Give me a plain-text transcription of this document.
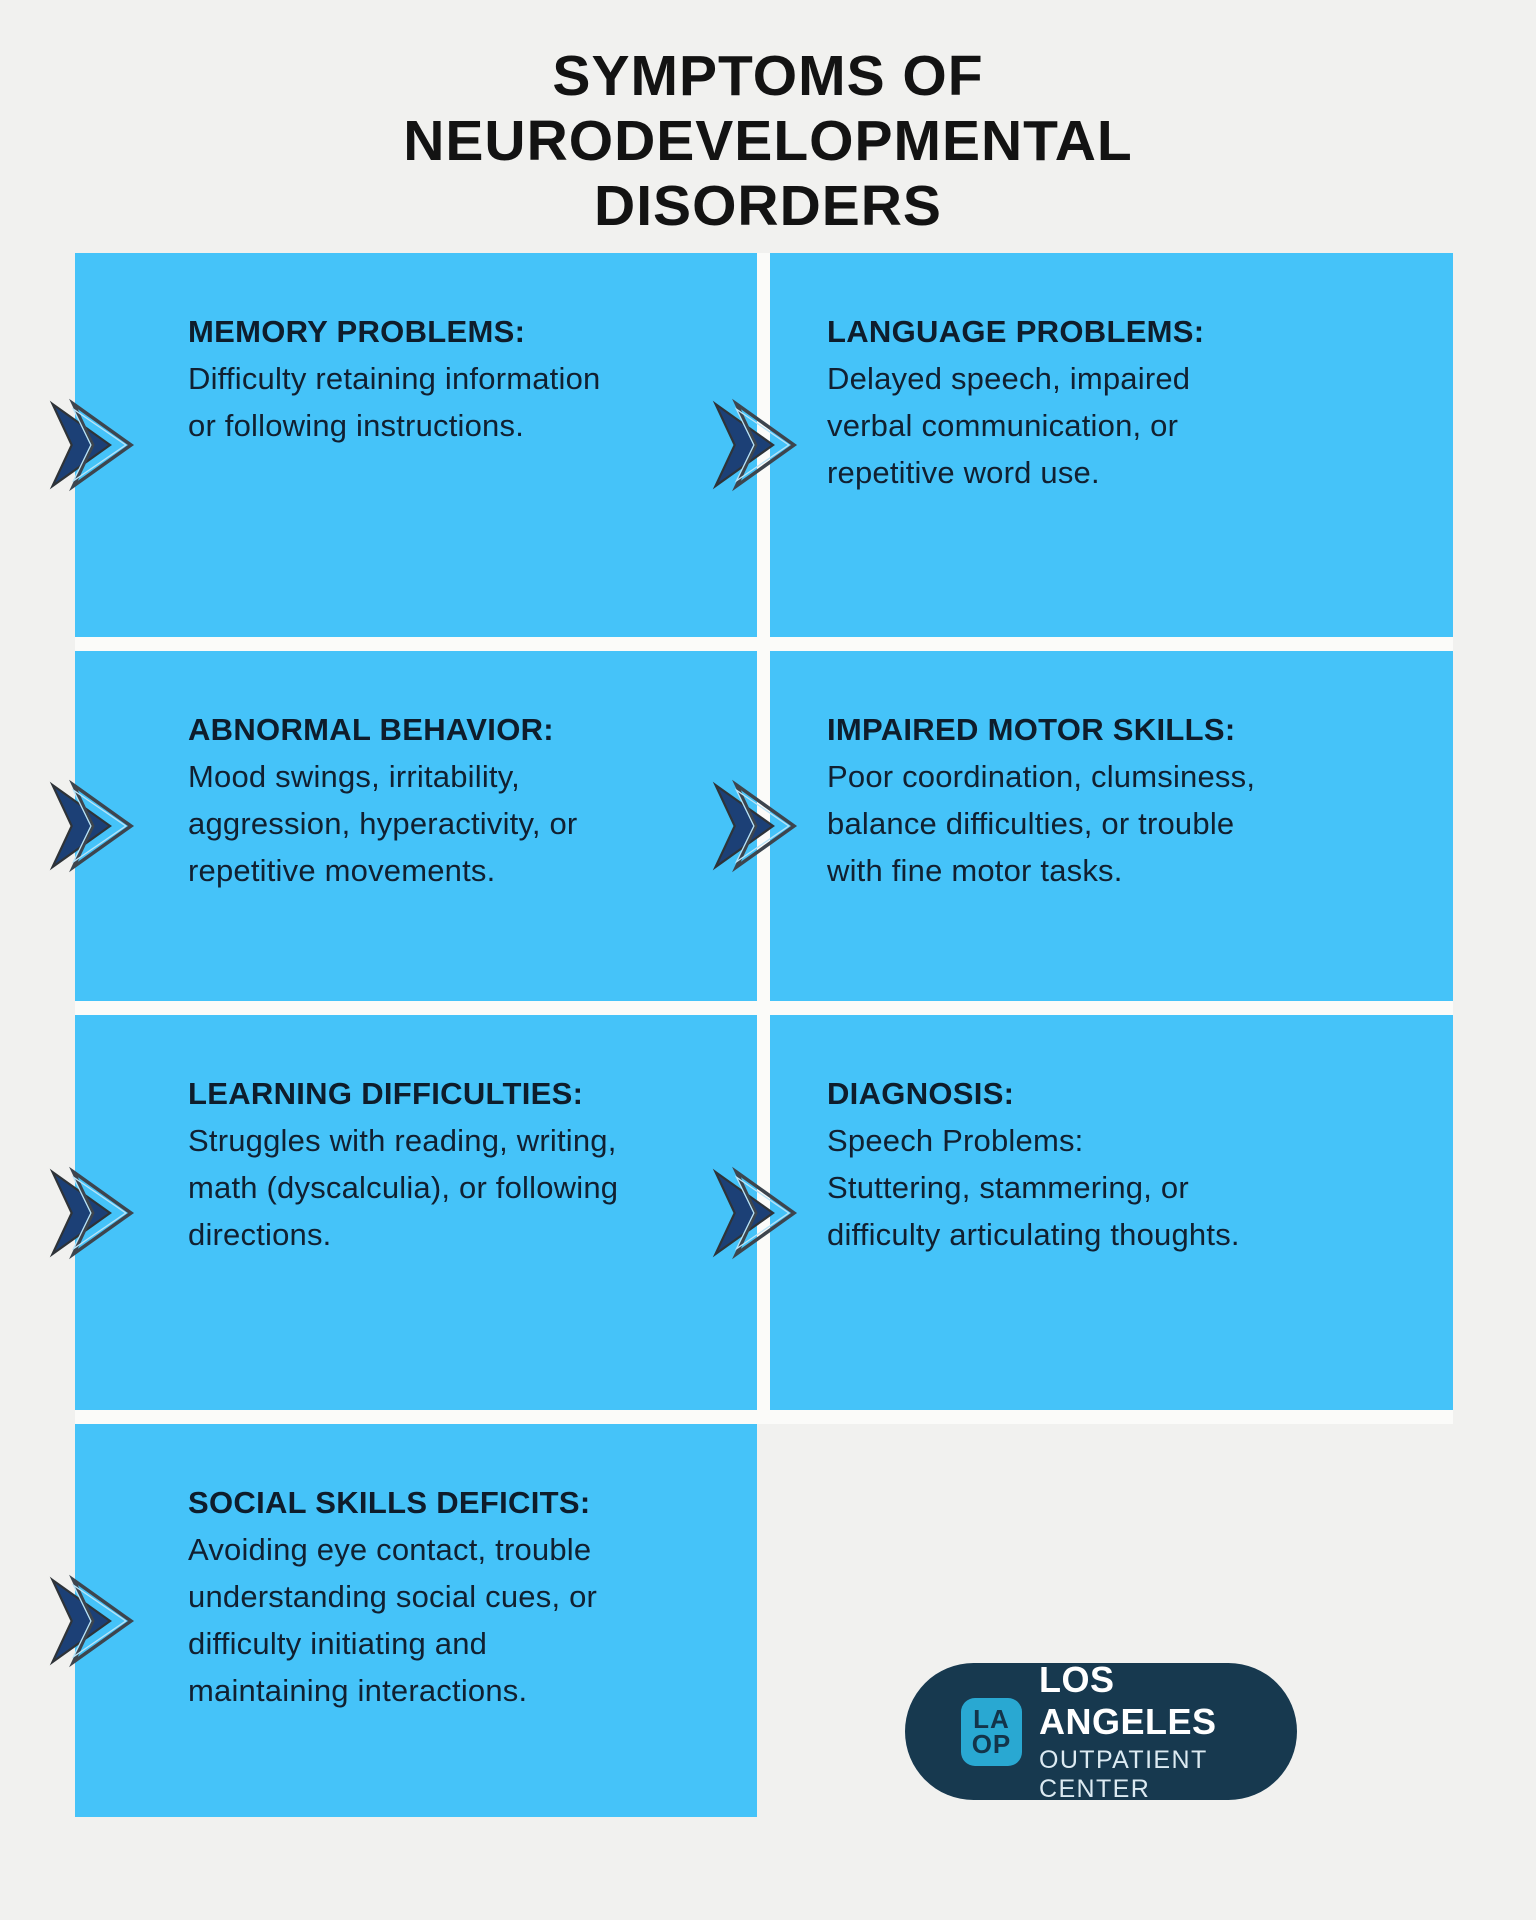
SYMPTOMS OF NEURODEVELOPMENTAL DISORDERS
MEMORY PROBLEMS:

Difficulty retaining information or following instructions.

LANGUAGE PROBLEMS:

Delayed speech, impaired verbal communication, or repetitive word use.

ABNORMAL BEHAVIOR:

Mood swings, irritability, aggression, hyperactivity, or repetitive movements.

IMPAIRED MOTOR SKILLS:

Poor coordination, clumsiness, balance difficulties, or trouble with fine motor tasks.

LEARNING DIFFICULTIES:

Struggles with reading, writing, math (dyscalculia), or following directions.

DIAGNOSIS:

Speech Problems:

Stuttering, stammering, or difficulty articulating thoughts.

SOCIAL SKILLS DEFICITS:

Avoiding eye contact, trouble understanding social cues, or difficulty initiating and maintaining interactions.

LA
OP
LOS ANGELES
OUTPATIENT CENTER
